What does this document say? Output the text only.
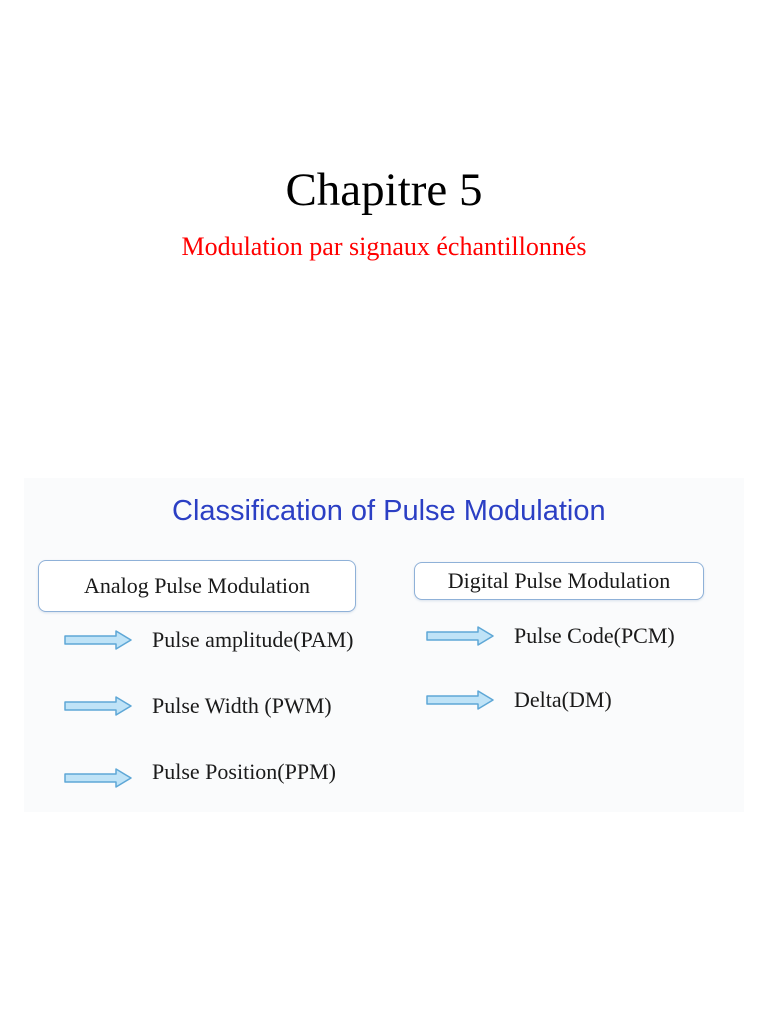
Chapitre 5
Modulation par signaux échantillonnés
Classification of Pulse Modulation
Analog Pulse Modulation	Digital Pulse Modulation
Pulse amplitude(PAM)
Pulse Width (PWM)
Pulse Position(PPM)
Pulse Code(PCM)
Delta(DM)
